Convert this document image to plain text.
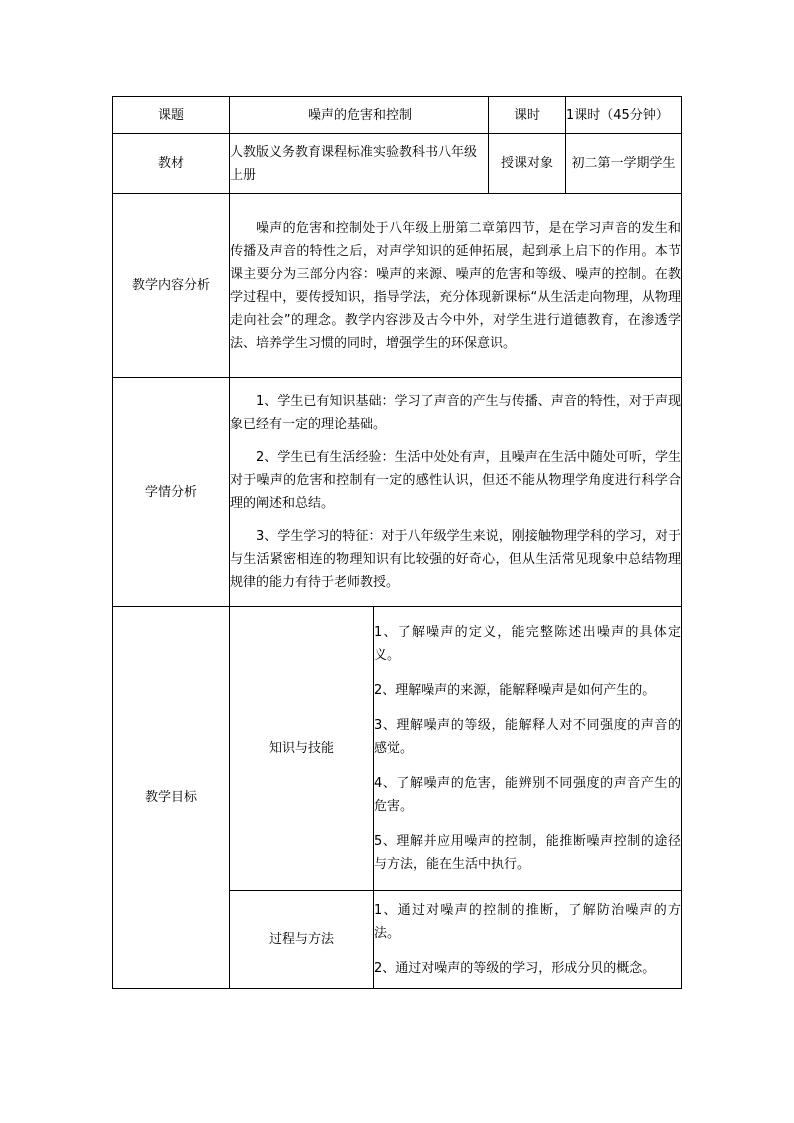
课题	噪声的危害和控制		课时	1课时（45分钟）
教材	人教版义务教育课程标准实验教科书八年级上册		授课对象	初二第一学期学生

教学内容分析	噪声的危害和控制处于八年级上册第二章第四节，是在学习声音的发生和传播及声音的特性之后，对声学知识的延伸拓展，起到承上启下的作用。本节课主要分为三部分内容：噪声的来源、噪声的危害和等级、噪声的控制。在教学过程中，要传授知识，指导学法，充分体现新课标“从生活走向物理，从物理走向社会”的理念。教学内容涉及古今中外，对学生进行道德教育，在渗透学法、培养学生习惯的同时，增强学生的环保意识。			

学情分析	1、学生已有知识基础：学习了声音的产生与传播、声音的特性，对于声现象已经有一定的理论基础。

2、学生已有生活经验：生活中处处有声，且噪声在生活中随处可听，学生对于噪声的危害和控制有一定的感性认识，但还不能从物理学角度进行科学合理的阐述和总结。

3、学生学习的特征：对于八年级学生来说，刚接触物理学科的学习，对于与生活紧密相连的物理知识有比较强的好奇心，但从生活常见现象中总结物理规律的能力有待于老师教授。			

教学目标	知识与技能	1、了解噪声的定义，能完整陈述出噪声的具体定义。

2、理解噪声的来源，能解释噪声是如何产生的。

3、理解噪声的等级，能解释人对不同强度的声音的感觉。

4、了解噪声的危害，能辨别不同强度的声音产生的危害。

5、理解并应用噪声的控制，能推断噪声控制的途径与方法，能在生活中执行。		

	过程与方法	1、通过对噪声的控制的推断，了解防治噪声的方法。

2、通过对噪声的等级的学习，形成分贝的概念。		
